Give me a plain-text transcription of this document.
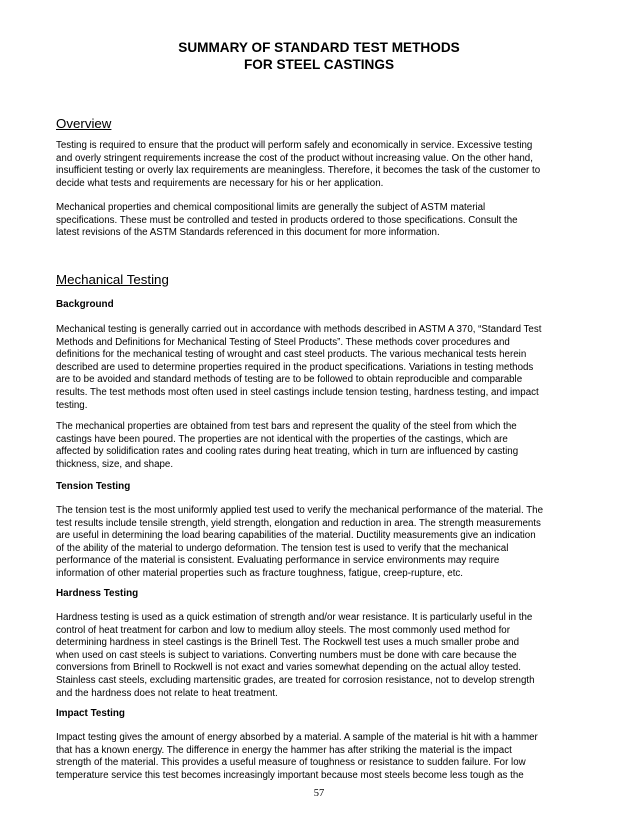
SUMMARY OF STANDARD TEST METHODS
FOR STEEL CASTINGS
Overview
Testing is required to ensure that the product will perform safely and economically in service. Excessive testing
and overly stringent requirements increase the cost of the product without increasing value. On the other hand,
insufficient testing or overly lax requirements are meaningless. Therefore, it becomes the task of the customer to
decide what tests and requirements are necessary for his or her application.
Mechanical properties and chemical compositional limits are generally the subject of ASTM material
specifications. These must be controlled and tested in products ordered to those specifications. Consult the
latest revisions of the ASTM Standards referenced in this document for more information.
Mechanical Testing
Background
Mechanical testing is generally carried out in accordance with methods described in ASTM A 370, “Standard Test
Methods and Definitions for Mechanical Testing of Steel Products”. These methods cover procedures and
definitions for the mechanical testing of wrought and cast steel products. The various mechanical tests herein
described are used to determine properties required in the product specifications. Variations in testing methods
are to be avoided and standard methods of testing are to be followed to obtain reproducible and comparable
results. The test methods most often used in steel castings include tension testing, hardness testing, and impact
testing.
The mechanical properties are obtained from test bars and represent the quality of the steel from which the
castings have been poured. The properties are not identical with the properties of the castings, which are
affected by solidification rates and cooling rates during heat treating, which in turn are influenced by casting
thickness, size, and shape.
Tension Testing
The tension test is the most uniformly applied test used to verify the mechanical performance of the material. The
test results include tensile strength, yield strength, elongation and reduction in area. The strength measurements
are useful in determining the load bearing capabilities of the material. Ductility measurements give an indication
of the ability of the material to undergo deformation. The tension test is used to verify that the mechanical
performance of the material is consistent. Evaluating performance in service environments may require
information of other material properties such as fracture toughness, fatigue, creep-rupture, etc.
Hardness Testing
Hardness testing is used as a quick estimation of strength and/or wear resistance. It is particularly useful in the
control of heat treatment for carbon and low to medium alloy steels. The most commonly used method for
determining hardness in steel castings is the Brinell Test. The Rockwell test uses a much smaller probe and
when used on cast steels is subject to variations. Converting numbers must be done with care because the
conversions from Brinell to Rockwell is not exact and varies somewhat depending on the actual alloy tested.
Stainless cast steels, excluding martensitic grades, are treated for corrosion resistance, not to develop strength
and the hardness does not relate to heat treatment.
Impact Testing
Impact testing gives the amount of energy absorbed by a material. A sample of the material is hit with a hammer
that has a known energy. The difference in energy the hammer has after striking the material is the impact
strength of the material. This provides a useful measure of toughness or resistance to sudden failure. For low
temperature service this test becomes increasingly important because most steels become less tough as the
57
